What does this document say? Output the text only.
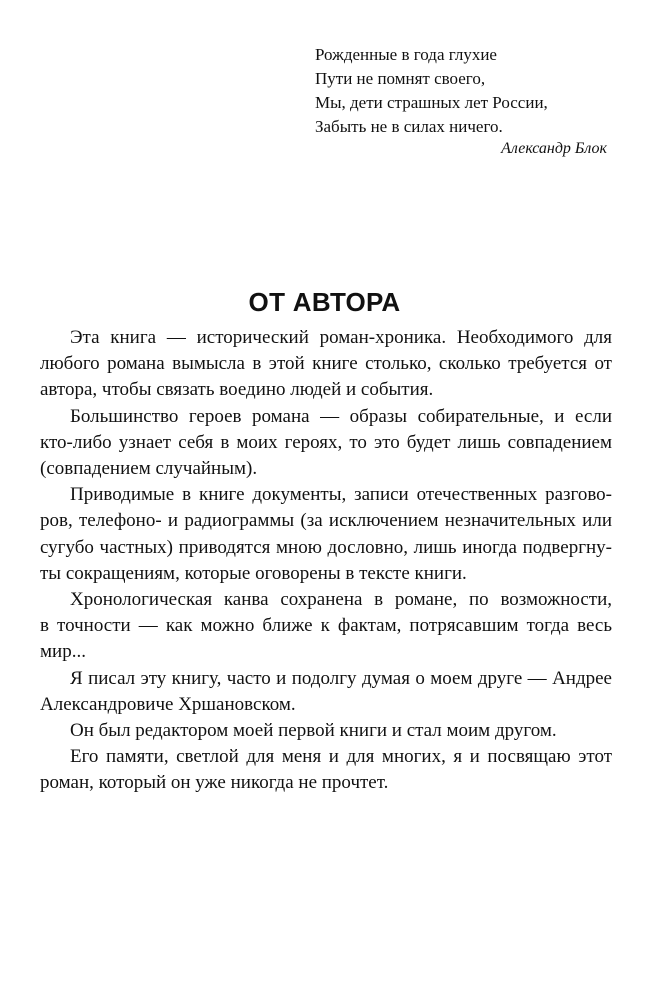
Рожденные в года глухие
Пути не помнят своего,
Мы, дети страшных лет России,
Забыть не в силах ничего.
Александр Блок
ОТ АВТОРА

Эта книга — исторический роман-хроника. Необходимого для
любого романа вымысла в этой книге столько, сколько требуется от
автора, чтобы связать воедино людей и события.

Большинство героев романа — образы собирательные, и если
кто-либо узнает себя в моих героях, то это будет лишь совпадением
(совпадением случайным).

Приводимые в книге документы, записи отечественных разгово-
ров, телефоно- и радиограммы (за исключением незначительных или
сугубо частных) приводятся мною дословно, лишь иногда подвергну-
ты сокращениям, которые оговорены в тексте книги.

Хронологическая канва сохранена в романе, по возможности,
в точности — как можно ближе к фактам, потрясавшим тогда весь
мир...

Я писал эту книгу, часто и подолгу думая о моем друге — Андрее
Александровиче Хршановском.

Он был редактором моей первой книги и стал моим другом.

Его памяти, светлой для меня и для многих, я и посвящаю этот
роман, который он уже никогда не прочтет.
